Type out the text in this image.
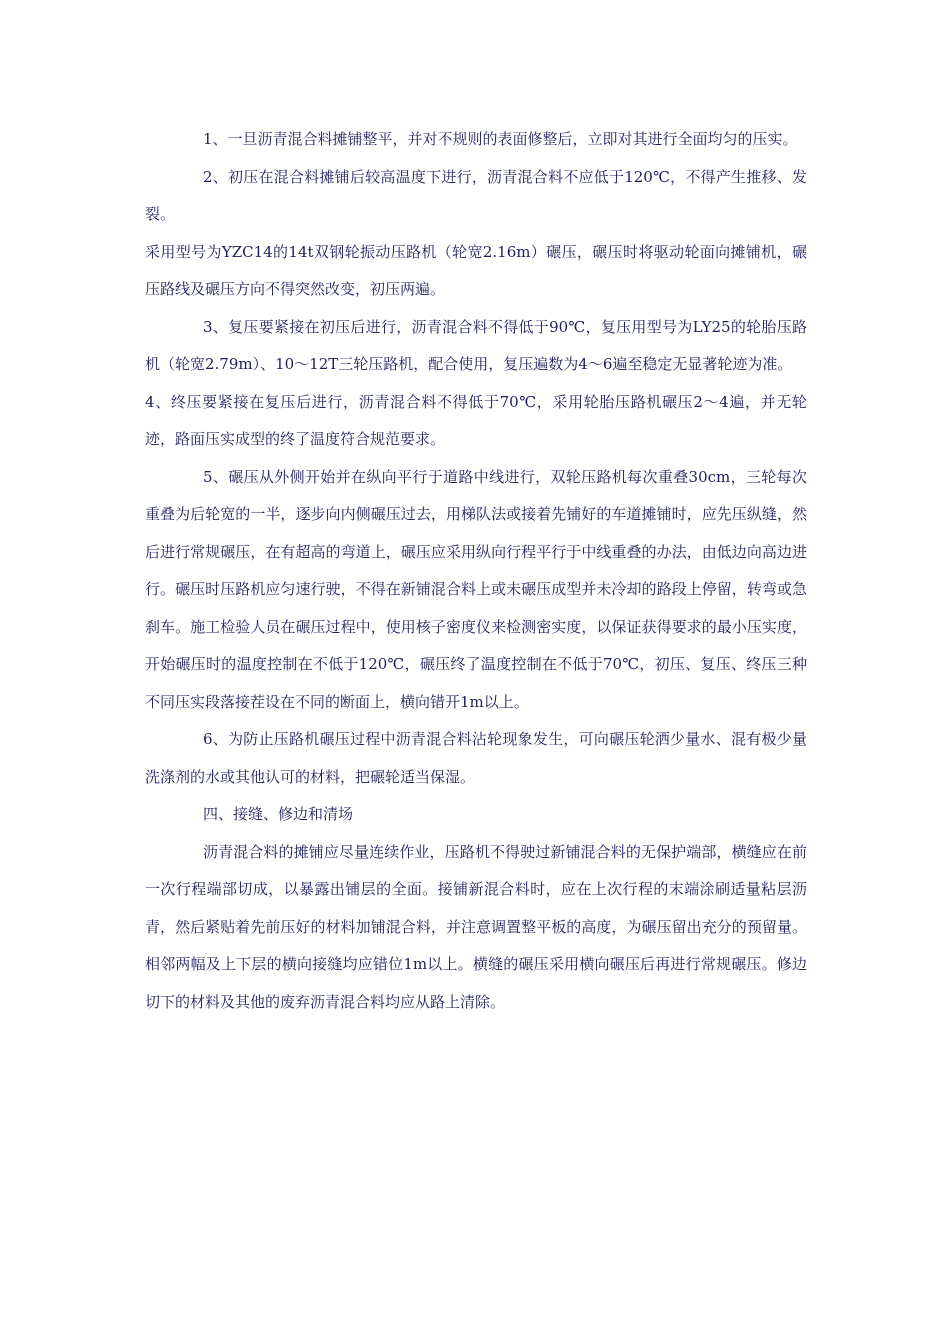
1、一旦沥青混合料摊铺整平，并对不规则的表面修整后，立即对其进行全面均匀的压实。

2、初压在混合料摊铺后较高温度下进行，沥青混合料不应低于120℃，不得产生推移、发裂。

采用型号为YZC14的14t双钢轮振动压路机（轮宽2.16m）碾压，碾压时将驱动轮面向摊铺机，碾压路线及碾压方向不得突然改变，初压两遍。

3、复压要紧接在初压后进行，沥青混合料不得低于90℃，复压用型号为LY25的轮胎压路机（轮宽2.79m）、10～12T三轮压路机，配合使用，复压遍数为4～6遍至稳定无显著轮迹为准。

4、终压要紧接在复压后进行，沥青混合料不得低于70℃，采用轮胎压路机碾压2～4遍，并无轮迹，路面压实成型的终了温度符合规范要求。

5、碾压从外侧开始并在纵向平行于道路中线进行，双轮压路机每次重叠30cm，三轮每次重叠为后轮宽的一半，逐步向内侧碾压过去，用梯队法或接着先铺好的车道摊铺时，应先压纵缝，然后进行常规碾压，在有超高的弯道上，碾压应采用纵向行程平行于中线重叠的办法，由低边向高边进行。碾压时压路机应匀速行驶，不得在新铺混合料上或未碾压成型并未冷却的路段上停留，转弯或急刹车。施工检验人员在碾压过程中，使用核子密度仪来检测密实度，以保证获得要求的最小压实度，开始碾压时的温度控制在不低于120℃，碾压终了温度控制在不低于70℃，初压、复压、终压三种不同压实段落接茬设在不同的断面上，横向错开1m以上。

6、为防止压路机碾压过程中沥青混合料沾轮现象发生，可向碾压轮洒少量水、混有极少量洗涤剂的水或其他认可的材料，把碾轮适当保湿。

四、接缝、修边和清场

沥青混合料的摊铺应尽量连续作业，压路机不得驶过新铺混合料的无保护端部，横缝应在前一次行程端部切成，以暴露出铺层的全面。接铺新混合料时，应在上次行程的末端涂刷适量粘层沥青，然后紧贴着先前压好的材料加铺混合料，并注意调置整平板的高度，为碾压留出充分的预留量。相邻两幅及上下层的横向接缝均应错位1m以上。横缝的碾压采用横向碾压后再进行常规碾压。修边切下的材料及其他的废弃沥青混合料均应从路上清除。
